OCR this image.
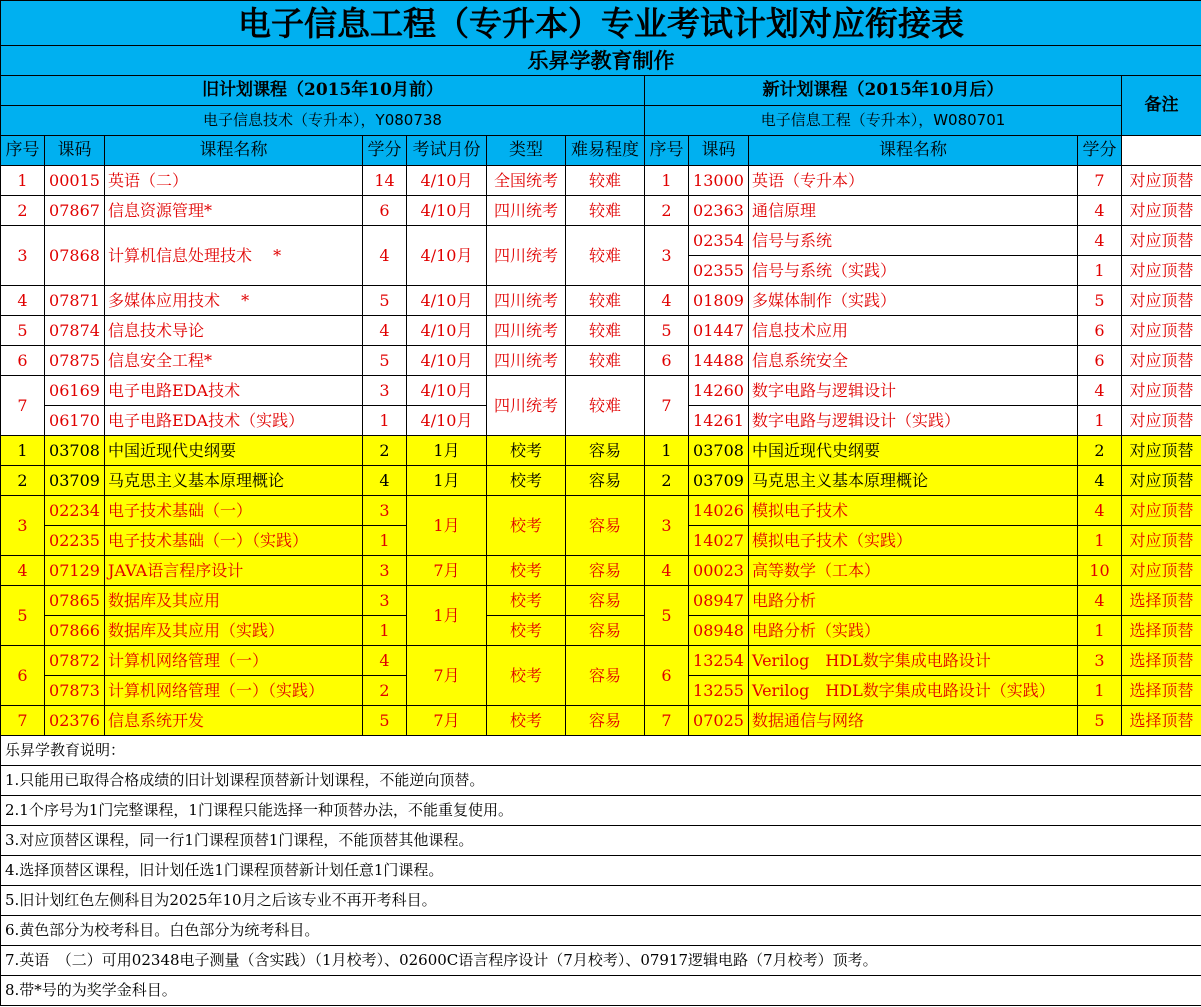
电子信息工程（专升本）专业考试计划对应衔接表											
乐昇学教育制作											
旧计划课程（2015年10月前）							新计划课程（2015年10月后）				备注
电子信息技术（专升本），Y080738							电子信息工程（专升本），W080701				
序号	课码	课程名称	学分	考试月份	类型	难易程度	序号	课码	课程名称	学分	
1	00015	英语（二）	14	4/10月	全国统考	较难	1	13000	英语（专升本）	7	对应顶替
2	07867	信息资源管理*	6	4/10月	四川统考	较难	2	02363	通信原理	4	对应顶替
3	07868	计算机信息处理技术　 *	4	4/10月	四川统考	较难	3	02354	信号与系统	4	对应顶替
								02355	信号与系统（实践）	1	对应顶替
4	07871	多媒体应用技术　 *	5	4/10月	四川统考	较难	4	01809	多媒体制作（实践）	5	对应顶替
5	07874	信息技术导论	4	4/10月	四川统考	较难	5	01447	信息技术应用	6	对应顶替
6	07875	信息安全工程*	5	4/10月	四川统考	较难	6	14488	信息系统安全	6	对应顶替
7	06169	电子电路EDA技术	3	4/10月	四川统考	较难	7	14260	数字电路与逻辑设计	4	对应顶替
	06170	电子电路EDA技术（实践）	1	4/10月				14261	数字电路与逻辑设计（实践）	1	对应顶替
1	03708	中国近现代史纲要	2	1月	校考	容易	1	03708	中国近现代史纲要	2	对应顶替
2	03709	马克思主义基本原理概论	4	1月	校考	容易	2	03709	马克思主义基本原理概论	4	对应顶替
3	02234	电子技术基础（一）	3	1月	校考	容易	3	14026	模拟电子技术	4	对应顶替
	02235	电子技术基础（一）（实践）	1					14027	模拟电子技术（实践）	1	对应顶替
4	07129	JAVA语言程序设计	3	7月	校考	容易	4	00023	高等数学（工本）	10	对应顶替
5	07865	数据库及其应用	3	1月	校考	容易	5	08947	电路分析	4	选择顶替
	07866	数据库及其应用（实践）	1		校考	容易		08948	电路分析（实践）	1	选择顶替
6	07872	计算机网络管理（一）	4	7月	校考	容易	6	13254	Verilog　HDL数字集成电路设计	3	选择顶替
	07873	计算机网络管理（一）（实践）	2					13255	Verilog　HDL数字集成电路设计（实践）	1	选择顶替
7	02376	信息系统开发	5	7月	校考	容易	7	07025	数据通信与网络	5	选择顶替
乐昇学教育说明：											
1.只能用已取得合格成绩的旧计划课程顶替新计划课程，不能逆向顶替。											
2.1个序号为1门完整课程，1门课程只能选择一种顶替办法，不能重复使用。											
3.对应顶替区课程，同一行1门课程顶替1门课程，不能顶替其他课程。											
4.选择顶替区课程，旧计划任选1门课程顶替新计划任意1门课程。											
5.旧计划红色左侧科目为2025年10月之后该专业不再开考科目。											
6.黄色部分为校考科目。白色部分为统考科目。											
7.英语　（二）可用02348电子测量（含实践）（1月校考）、02600C语言程序设计（7月校考）、07917逻辑电路（7月校考）顶考。											
8.带*号的为奖学金科目。											
